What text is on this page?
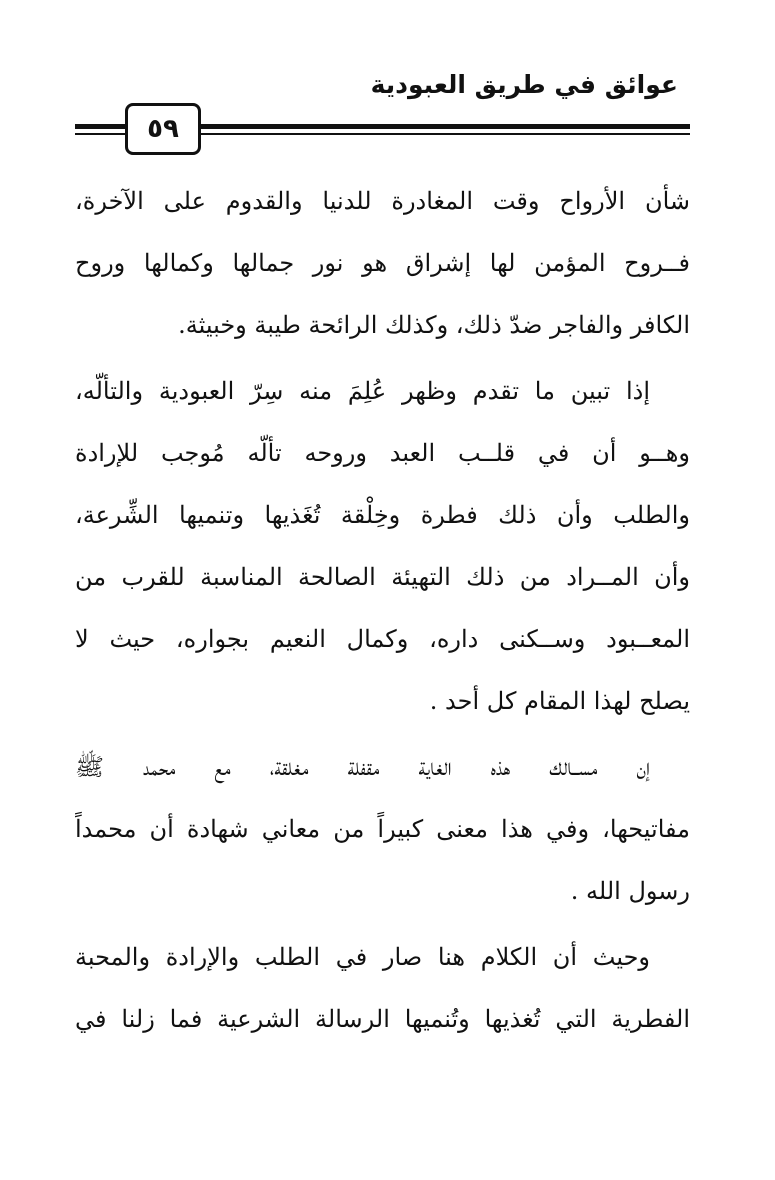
عوائق في طريق العبودية
٥٩
شأن الأرواح وقت المغادرة للدنيا والقدوم على الآخرة،
فــروح المؤمن لها إشراق هو نور جمالها وكمالها وروح
الكافر والفاجر ضدّ ذلك، وكذلك الرائحة طيبة وخبيثة.
إذا تبين ما تقدم وظهر عُلِمَ منه سِرّ العبودية والتألّه،
وهــو أن في قلــب العبد وروحه تألّه مُوجب للإرادة
والطلب وأن ذلك فطرة وخِلْقة تُغَذيها وتنميها الشِّرعة،
وأن المــراد من ذلك التهيئة الصالحة المناسبة للقرب من
المعــبود وســكنى داره، وكمال النعيم بجواره، حيث لا
يصلح لهذا المقام كل أحد .
إن مســالك هذه الغاية مقفلة مغلقة، مع محمد ﷺ
مفاتيحها، وفي هذا معنى كبيراً من معاني شهادة أن محمداً
رسول الله .
وحيث أن الكلام هنا صار في الطلب والإرادة والمحبة
الفطرية التي تُغذيها وتُنميها الرسالة الشرعية فما زلنا في
